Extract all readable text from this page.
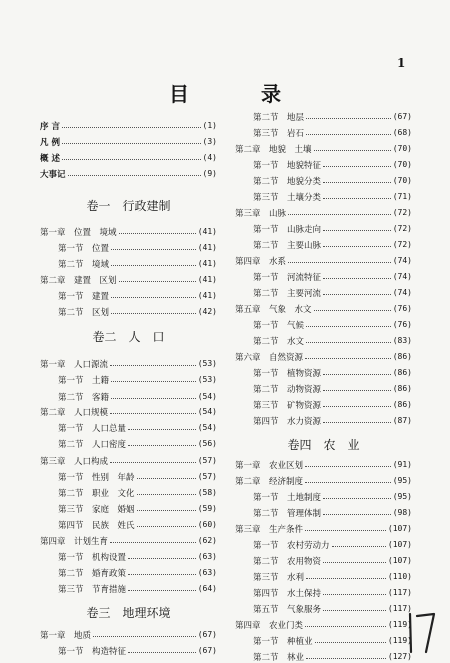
1
目　录
序 言	(1)
凡 例	(3)
概 述	(4)
大事记	(9)
卷一　行政建制
第一章　位置　境域	(41)
第一节　位置	(41)
第二节　境域	(41)
第二章　建置　区划	(41)
第一节　建置	(41)
第二节　区划	(42)
卷二　人　口
第一章　人口源流	(53)
第一节　土籍	(53)
第二节　客籍	(54)
第二章　人口规模	(54)
第一节　人口总量	(54)
第二节　人口密度	(56)
第三章　人口构成	(57)
第一节　性别　年龄	(57)
第二节　职业　文化	(58)
第三节　家庭　婚姻	(59)
第四节　民族　姓氏	(60)
第四章　计划生育	(62)
第一节　机构设置	(63)
第二节　婚育政策	(63)
第三节　节育措施	(64)
卷三　地理环境
第一章　地质	(67)
第一节　构造特征	(67)
第二节　地层	(67)
第三节　岩石	(68)
第二章　地貌　土壤	(70)
第一节　地貌特征	(70)
第二节　地貌分类	(70)
第三节　土壤分类	(71)
第三章　山脉	(72)
第一节　山脉走向	(72)
第二节　主要山脉	(72)
第四章　水系	(74)
第一节　河流特征	(74)
第二节　主要河流	(74)
第五章　气象　水文	(76)
第一节　气候	(76)
第二节　水文	(83)
第六章　自然资源	(86)
第一节　植物资源	(86)
第二节　动物资源	(86)
第三节　矿物资源	(86)
第四节　水力资源	(87)
卷四　农　业
第一章　农业区划	(91)
第二章　经济制度	(95)
第一节　土地制度	(95)
第二节　管理体制	(98)
第三章　生产条件	(107)
第一节　农村劳动力	(107)
第二节　农用物资	(107)
第三节　水利	(110)
第四节　水土保持	(117)
第五节　气象服务	(117)
第四章　农业门类	(119)
第一节　种植业	(119)
第二节　林业	(127)
